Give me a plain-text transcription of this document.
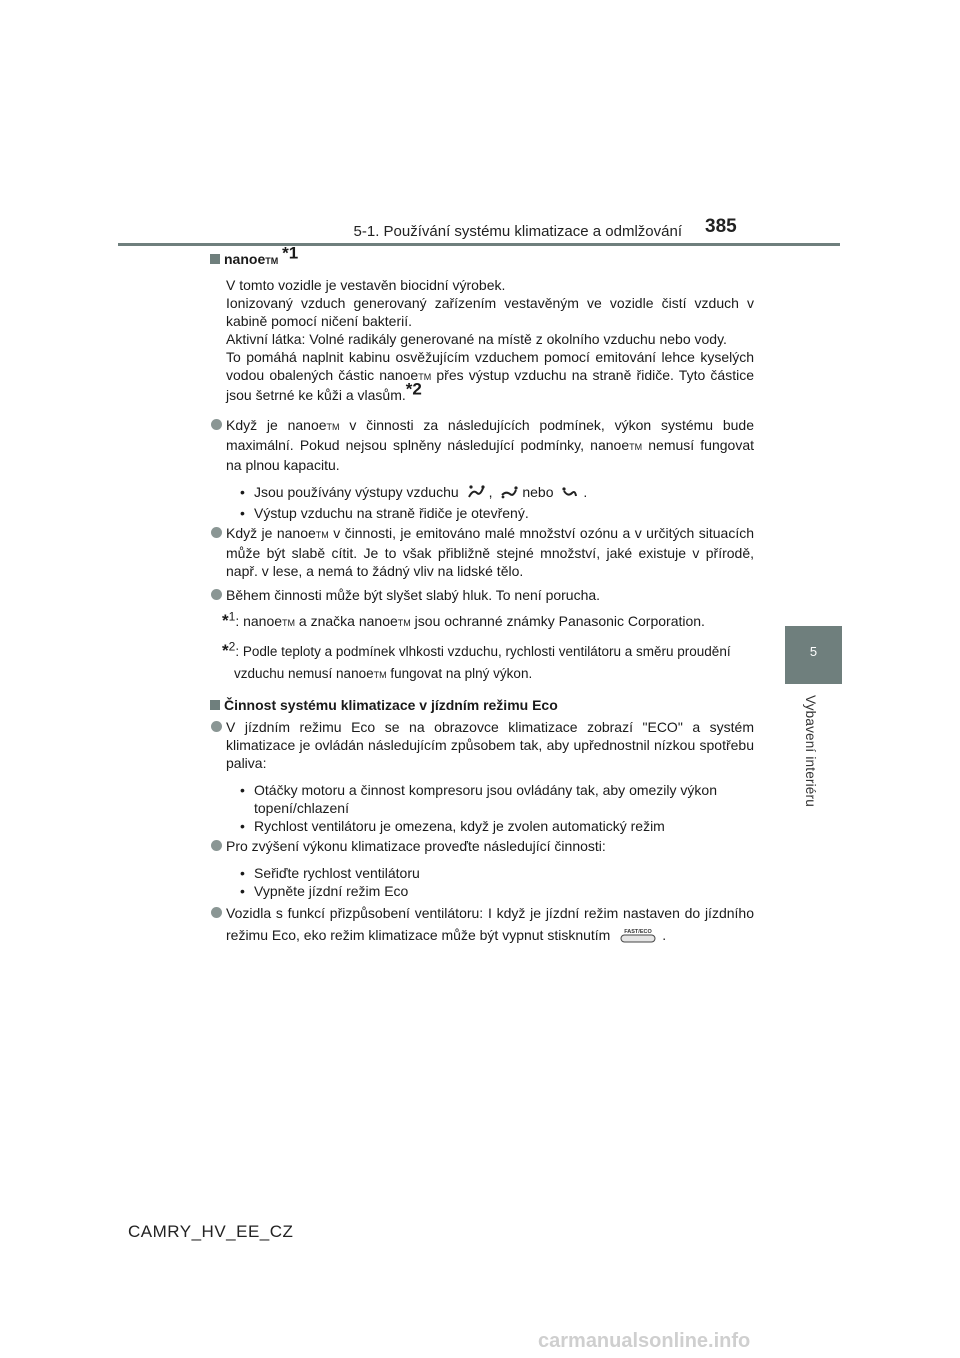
5-1. Používání systému klimatizace a odmlžování 385
5
Vybavení interiéru
nanoeTM *1
V tomto vozidle je vestavěn biocidní výrobek.
Ionizovaný vzduch generovaný zařízením vestavěným ve vozidle čistí vzduch v kabině pomocí ničení bakterií.
Aktivní látka: Volné radikály generované na místě z okolního vzduchu nebo vody.
To pomáhá naplnit kabinu osvěžujícím vzduchem pomocí emitování lehce kyselých vodou obalených částic nanoeTM přes výstup vzduchu na straně řidiče. Tyto částice jsou šetrné ke kůži a vlasům.*2
Když je nanoeTM v činnosti za následujících podmínek, výkon systému bude maximální. Pokud nejsou splněny následující podmínky, nanoeTM nemusí fungovat na plnou kapacitu.
• Jsou používány výstupy vzduchu , nebo .
• Výstup vzduchu na straně řidiče je otevřený.
Když je nanoeTM v činnosti, je emitováno malé množství ozónu a v určitých situacích může být slabě cítit. Je to však přibližně stejné množství, jaké existuje v přírodě, např. v lese, a nemá to žádný vliv na lidské tělo.
Během činnosti může být slyšet slabý hluk. To není porucha.
*1: nanoeTM a značka nanoeTM jsou ochranné známky Panasonic Corporation.
*2: Podle teploty a podmínek vlhkosti vzduchu, rychlosti ventilátoru a směru proudění vzduchu nemusí nanoeTM fungovat na plný výkon.
Činnost systému klimatizace v jízdním režimu Eco
V jízdním režimu Eco se na obrazovce klimatizace zobrazí "ECO" a systém klimatizace je ovládán následujícím způsobem tak, aby upřednostnil nízkou spotřebu paliva:
• Otáčky motoru a činnost kompresoru jsou ovládány tak, aby omezily výkon topení/chlazení
• Rychlost ventilátoru je omezena, když je zvolen automatický režim
Pro zvýšení výkonu klimatizace proveďte následující činnosti:
• Seřiďte rychlost ventilátoru
• Vypněte jízdní režim Eco
Vozidla s funkcí přizpůsobení ventilátoru: I když je jízdní režim nastaven do jízdního režimu Eco, eko režim klimatizace může být vypnut stisknutím	FAST/ECO .
CAMRY_HV_EE_CZ
carmanualsonline.info
